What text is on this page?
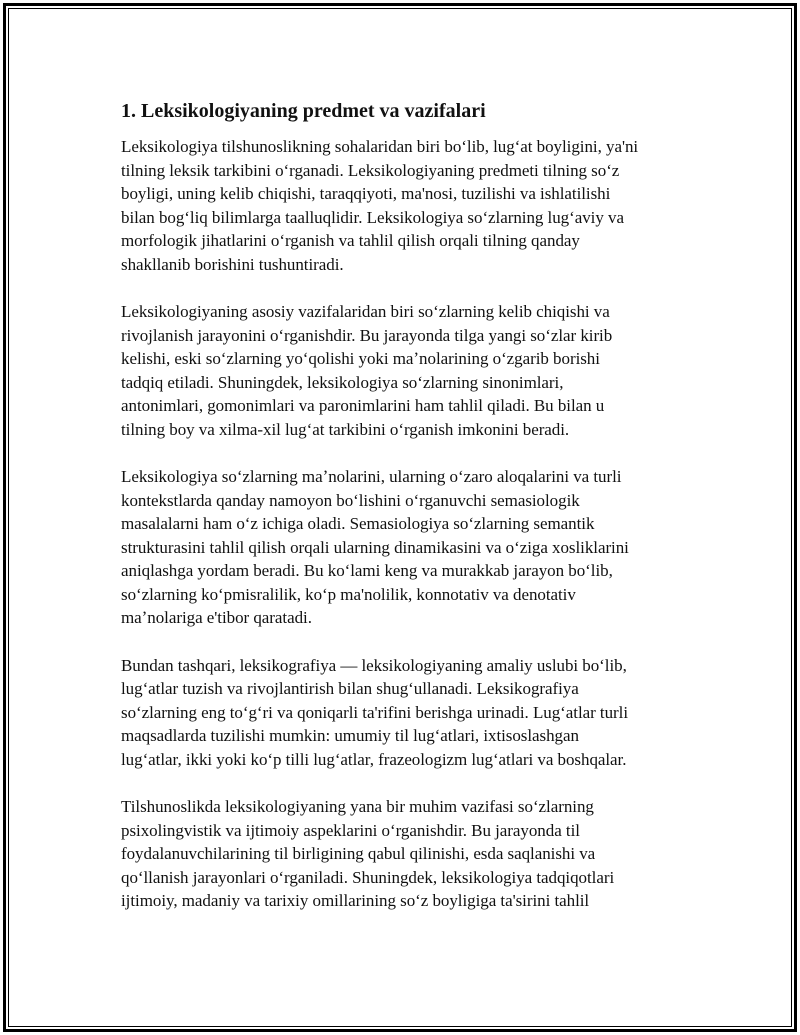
1. Leksikologiyaning predmet va vazifalari

Leksikologiya tilshunoslikning sohalaridan biri boʻlib, lugʻat boyligini, ya'ni
tilning leksik tarkibini oʻrganadi. Leksikologiyaning predmeti tilning soʻz
boyligi, uning kelib chiqishi, taraqqiyoti, ma'nosi, tuzilishi va ishlatilishi
bilan bogʻliq bilimlarga taalluqlidir. Leksikologiya soʻzlarning lugʻaviy va
morfologik jihatlarini oʻrganish va tahlil qilish orqali tilning qanday
shakllanib borishini tushuntiradi.

Leksikologiyaning asosiy vazifalaridan biri soʻzlarning kelib chiqishi va
rivojlanish jarayonini oʻrganishdir. Bu jarayonda tilga yangi soʻzlar kirib
kelishi, eski soʻzlarning yoʻqolishi yoki maʼnolarining oʻzgarib borishi
tadqiq etiladi. Shuningdek, leksikologiya soʻzlarning sinonimlari,
antonimlari, gomonimlari va paronimlarini ham tahlil qiladi. Bu bilan u
tilning boy va xilma-xil lugʻat tarkibini oʻrganish imkonini beradi.

Leksikologiya soʻzlarning maʼnolarini, ularning oʻzaro aloqalarini va turli
kontekstlarda qanday namoyon boʻlishini oʻrganuvchi semasiologik
masalalarni ham oʻz ichiga oladi. Semasiologiya soʻzlarning semantik
strukturasini tahlil qilish orqali ularning dinamikasini va oʻziga xosliklarini
aniqlashga yordam beradi. Bu koʻlami keng va murakkab jarayon boʻlib,
soʻzlarning koʻpmisralilik, koʻp ma'nolilik, konnotativ va denotativ
maʼnolariga e'tibor qaratadi.

Bundan tashqari, leksikografiya — leksikologiyaning amaliy uslubi boʻlib,
lugʻatlar tuzish va rivojlantirish bilan shugʻullanadi. Leksikografiya
soʻzlarning eng toʻgʻri va qoniqarli ta'rifini berishga urinadi. Lugʻatlar turli
maqsadlarda tuzilishi mumkin: umumiy til lugʻatlari, ixtisoslashgan
lugʻatlar, ikki yoki koʻp tilli lugʻatlar, frazeologizm lugʻatlari va boshqalar.

Tilshunoslikda leksikologiyaning yana bir muhim vazifasi soʻzlarning
psixolingvistik va ijtimoiy aspeklarini oʻrganishdir. Bu jarayonda til
foydalanuvchilarining til birligining qabul qilinishi, esda saqlanishi va
qoʻllanish jarayonlari oʻrganiladi. Shuningdek, leksikologiya tadqiqotlari
ijtimoiy, madaniy va tarixiy omillarining soʻz boyligiga ta'sirini tahlil
